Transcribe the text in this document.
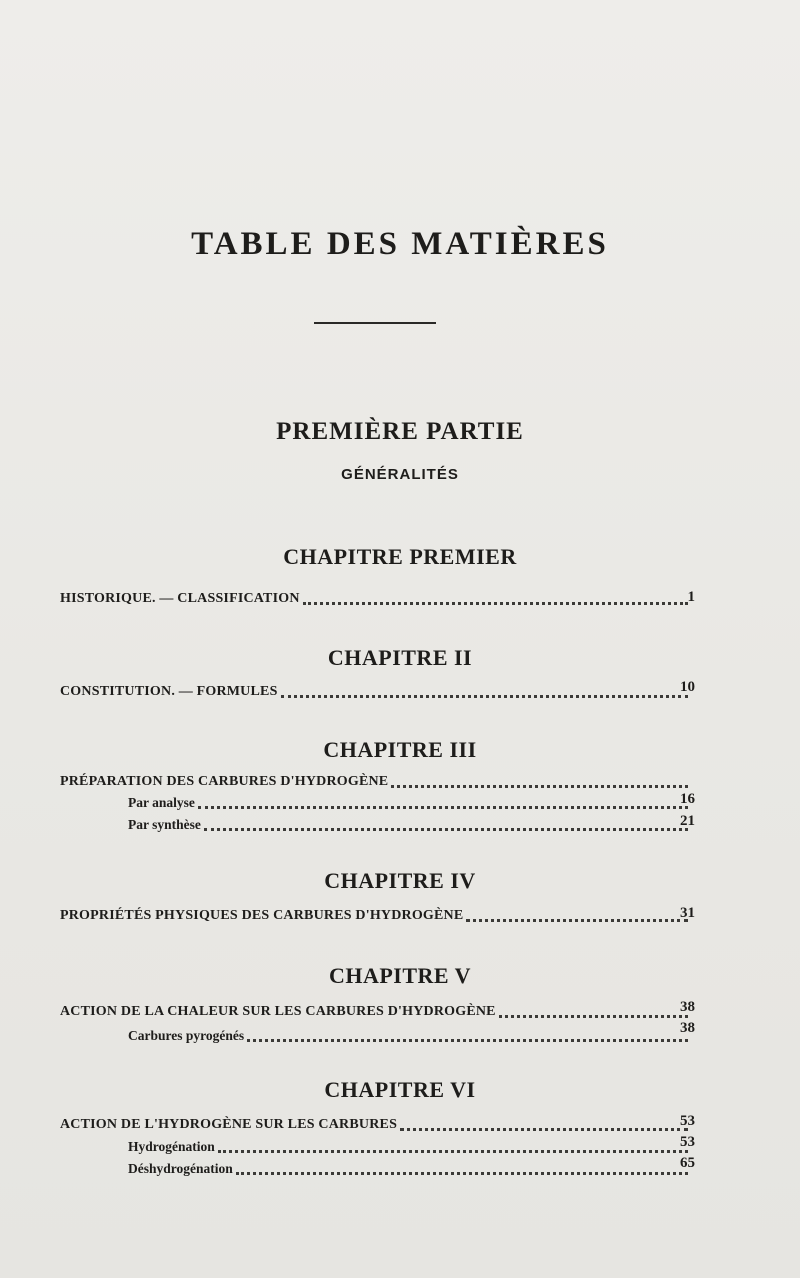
TABLE DES MATIÈRES
PREMIÈRE PARTIE
GÉNÉRALITÉS
CHAPITRE PREMIER
HISTORIQUE. — CLASSIFICATION	1
CHAPITRE II
CONSTITUTION. — FORMULES	10
CHAPITRE III
PRÉPARATION DES CARBURES D'HYDROGÈNE
Par analyse	16
Par synthèse	21
CHAPITRE IV
PROPRIÉTÉS PHYSIQUES DES CARBURES D'HYDROGÈNE	31
CHAPITRE V
ACTION DE LA CHALEUR SUR LES CARBURES D'HYDROGÈNE	38
Carbures pyrogénés	38
CHAPITRE VI
ACTION DE L'HYDROGÈNE SUR LES CARBURES	53
Hydrogénation	53
Déshydrogénation	65
